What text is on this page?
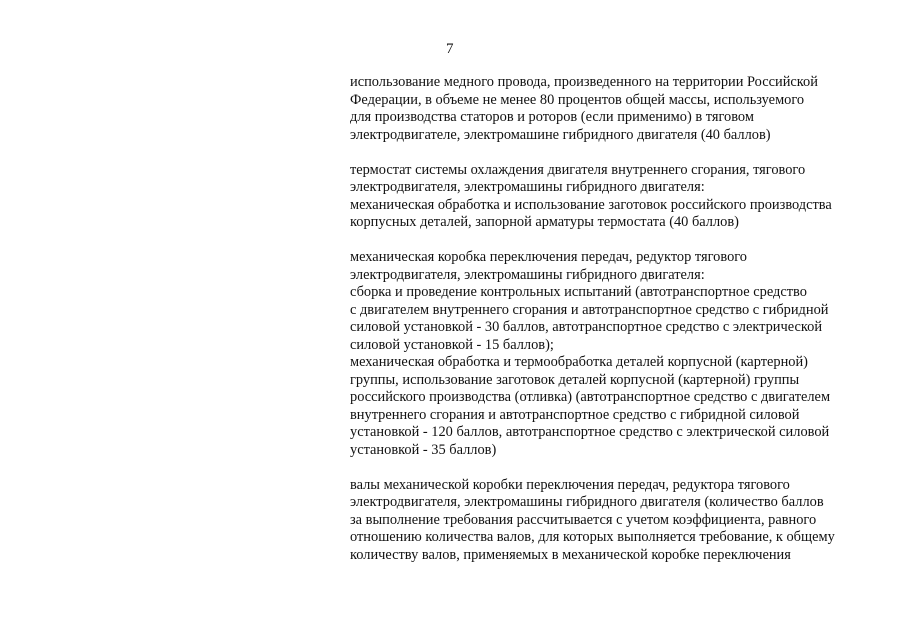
7
использование медного провода, произведенного на территории Российской
Федерации, в объеме не менее 80 процентов общей массы, используемого
для производства статоров и роторов (если применимо) в тяговом
электродвигателе, электромашине гибридного двигателя (40 баллов)
термостат системы охлаждения двигателя внутреннего сгорания, тягового
электродвигателя, электромашины гибридного двигателя:
механическая обработка и использование заготовок российского производства
корпусных деталей, запорной арматуры термостата (40 баллов)
механическая коробка переключения передач, редуктор тягового
электродвигателя, электромашины гибридного двигателя:
сборка и проведение контрольных испытаний (автотранспортное средство
с двигателем внутреннего сгорания и автотранспортное средство с гибридной
силовой установкой - 30 баллов, автотранспортное средство с электрической
силовой установкой - 15 баллов);
механическая обработка и термообработка деталей корпусной (картерной)
группы, использование заготовок деталей корпусной (картерной) группы
российского производства (отливка) (автотранспортное средство с двигателем
внутреннего сгорания и автотранспортное средство с гибридной силовой
установкой - 120 баллов, автотранспортное средство с электрической силовой
установкой - 35 баллов)
валы механической коробки переключения передач, редуктора тягового
электродвигателя, электромашины гибридного двигателя (количество баллов
за выполнение требования рассчитывается с учетом коэффициента, равного
отношению количества валов, для которых выполняется требование, к общему
количеству валов, применяемых в механической коробке переключения
